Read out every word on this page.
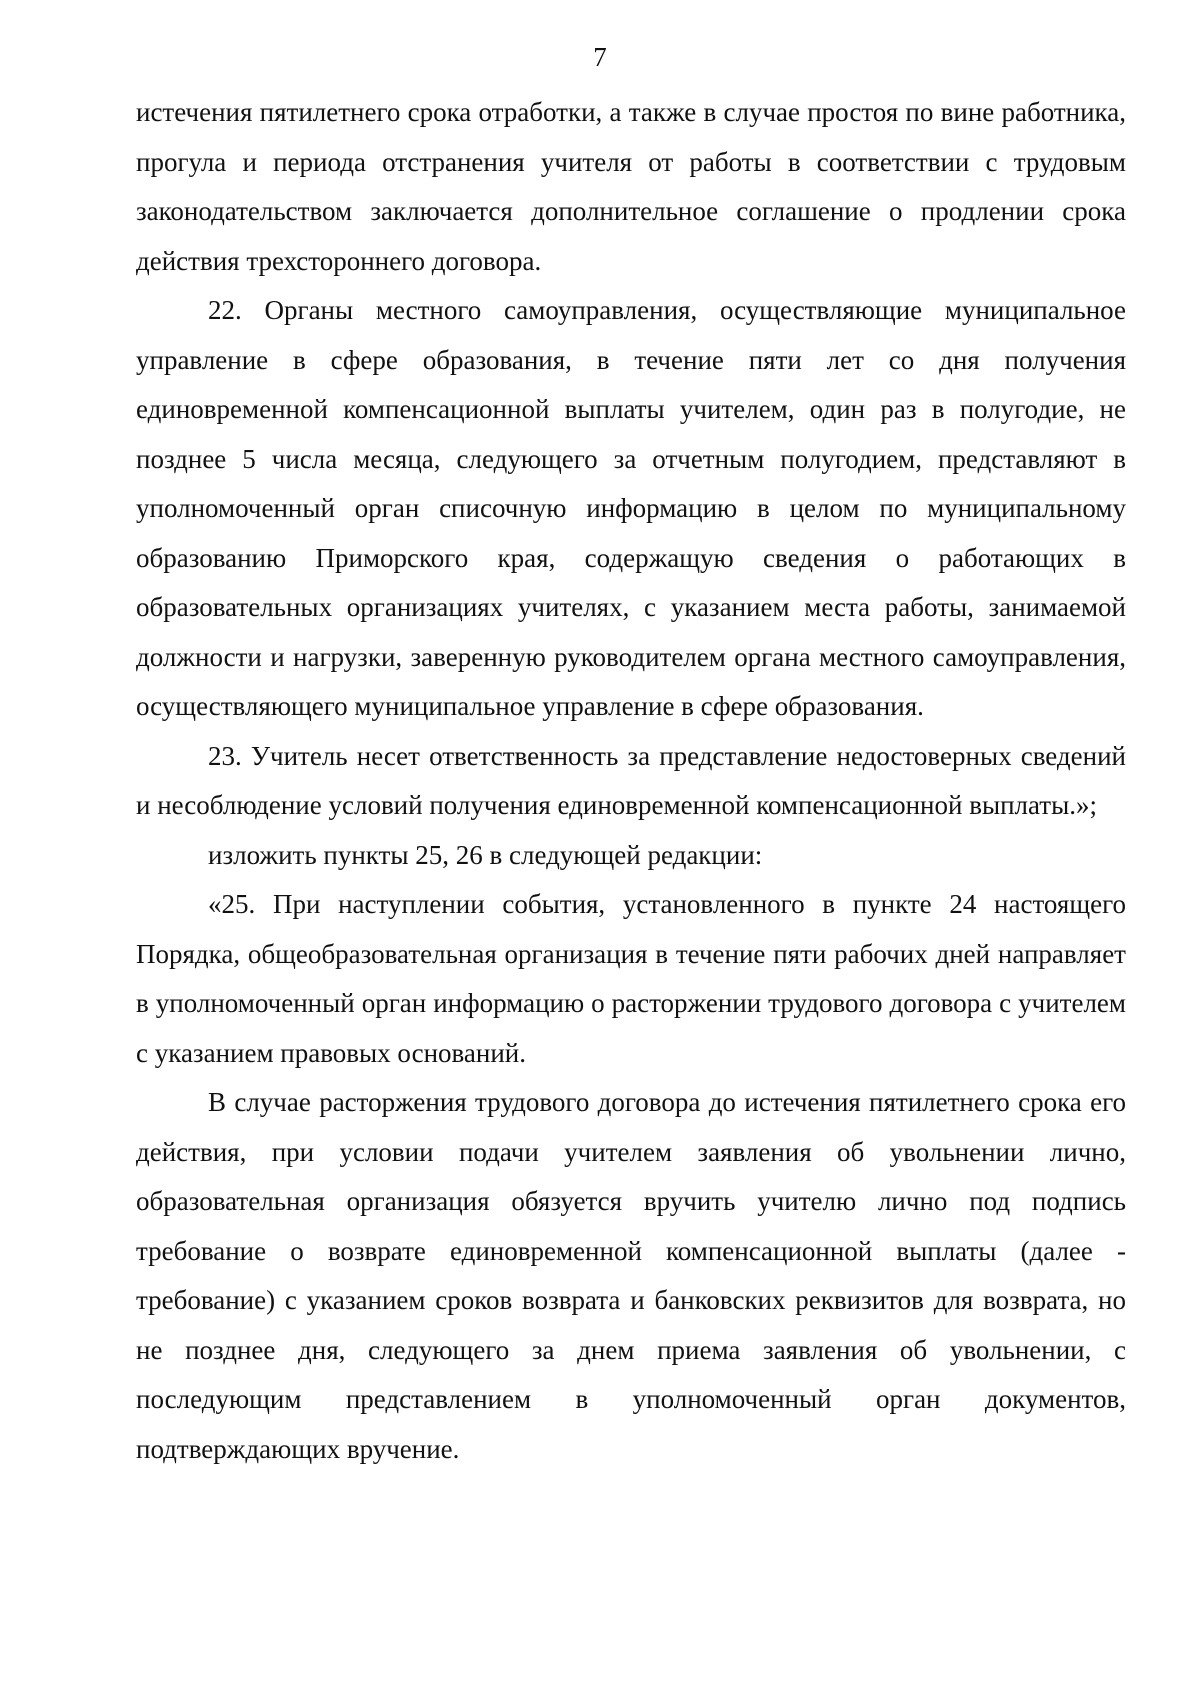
7

истечения пятилетнего срока отработки, а также в случае простоя по вине работника, прогула и периода отстранения учителя от работы в соответствии с трудовым законодательством заключается дополнительное соглашение о продлении срока действия трехстороннего договора.

22. Органы местного самоуправления, осуществляющие муниципальное управление в сфере образования, в течение пяти лет со дня получения единовременной компенсационной выплаты учителем, один раз в полугодие, не позднее 5 числа месяца, следующего за отчетным полугодием, представляют в уполномоченный орган списочную информацию в целом по муниципальному образованию Приморского края, содержащую сведения о работающих в образовательных организациях учителях, с указанием места работы, занимаемой должности и нагрузки, заверенную руководителем органа местного самоуправления, осуществляющего муниципальное управление в сфере образования.

23. Учитель несет ответственность за представление недостоверных сведений и несоблюдение условий получения единовременной компенсационной выплаты.»;

изложить пункты 25, 26 в следующей редакции:

«25. При наступлении события, установленного в пункте 24 настоящего Порядка, общеобразовательная организация в течение пяти рабочих дней направляет в уполномоченный орган информацию о расторжении трудового договора с учителем с указанием правовых оснований.

В случае расторжения трудового договора до истечения пятилетнего срока его действия, при условии подачи учителем заявления об увольнении лично, образовательная организация обязуется вручить учителю лично под подпись требование о возврате единовременной компенсационной выплаты (далее - требование) с указанием сроков возврата и банковских реквизитов для возврата, но не позднее дня, следующего за днем приема заявления об увольнении, с последующим представлением в уполномоченный орган документов, подтверждающих вручение.
